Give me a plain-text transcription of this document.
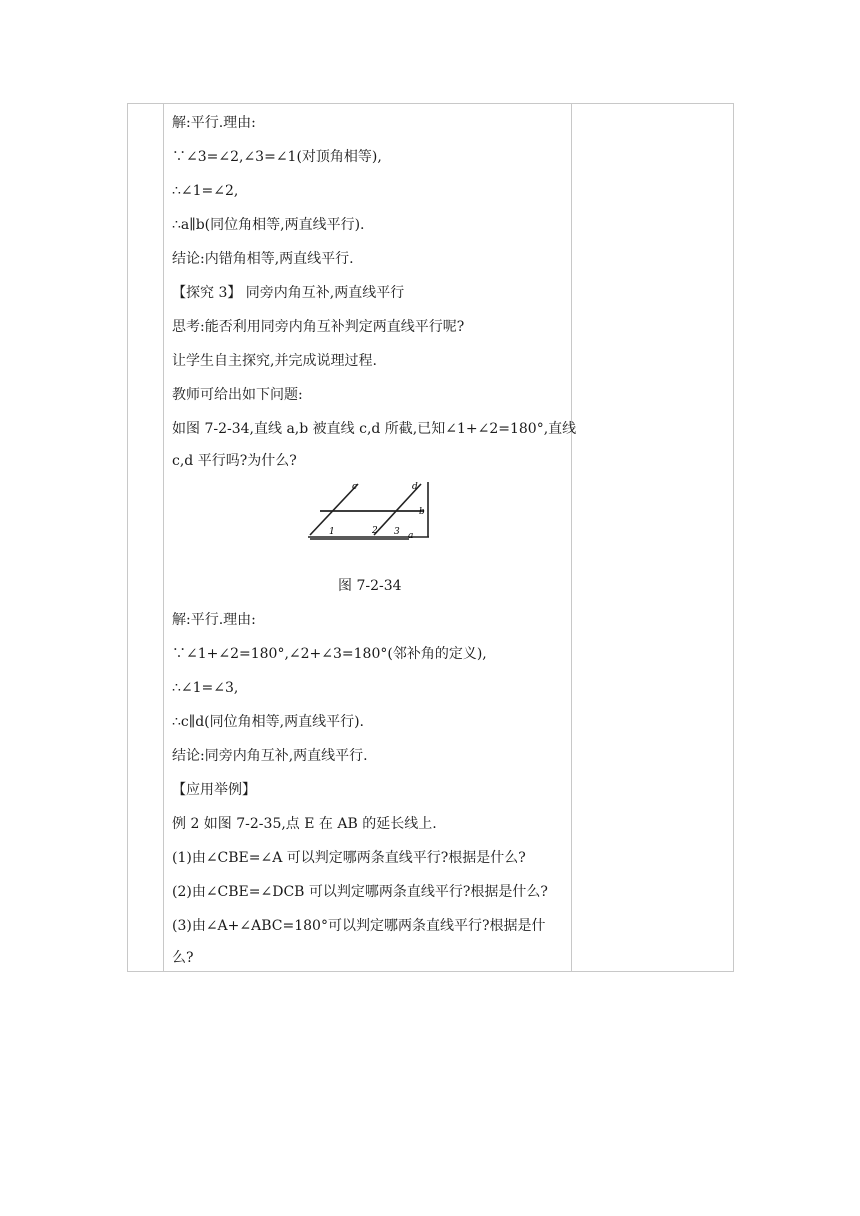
解:平行.理由:
∵∠3=∠2,∠3=∠1(对顶角相等),
∴∠1=∠2,
∴a∥b(同位角相等,两直线平行).
结论:内错角相等,两直线平行.
【探究 3】 同旁内角互补,两直线平行
思考:能否利用同旁内角互补判定两直线平行呢?
让学生自主探究,并完成说理过程.
教师可给出如下问题:
如图 7-2-34,直线 a,b 被直线 c,d 所截,已知∠1+∠2=180°,直线
c,d 平行吗?为什么?
c	d
b
a
1	2 3
图 7-2-34
解:平行.理由:
∵∠1+∠2=180°,∠2+∠3=180°(邻补角的定义),
∴∠1=∠3,
∴c∥d(同位角相等,两直线平行).
结论:同旁内角互补,两直线平行.
【应用举例】
例 2 如图 7-2-35,点 E 在 AB 的延长线上.
(1)由∠CBE=∠A 可以判定哪两条直线平行?根据是什么?
(2)由∠CBE=∠DCB 可以判定哪两条直线平行?根据是什么?
(3)由∠A+∠ABC=180°可以判定哪两条直线平行?根据是什
么?
